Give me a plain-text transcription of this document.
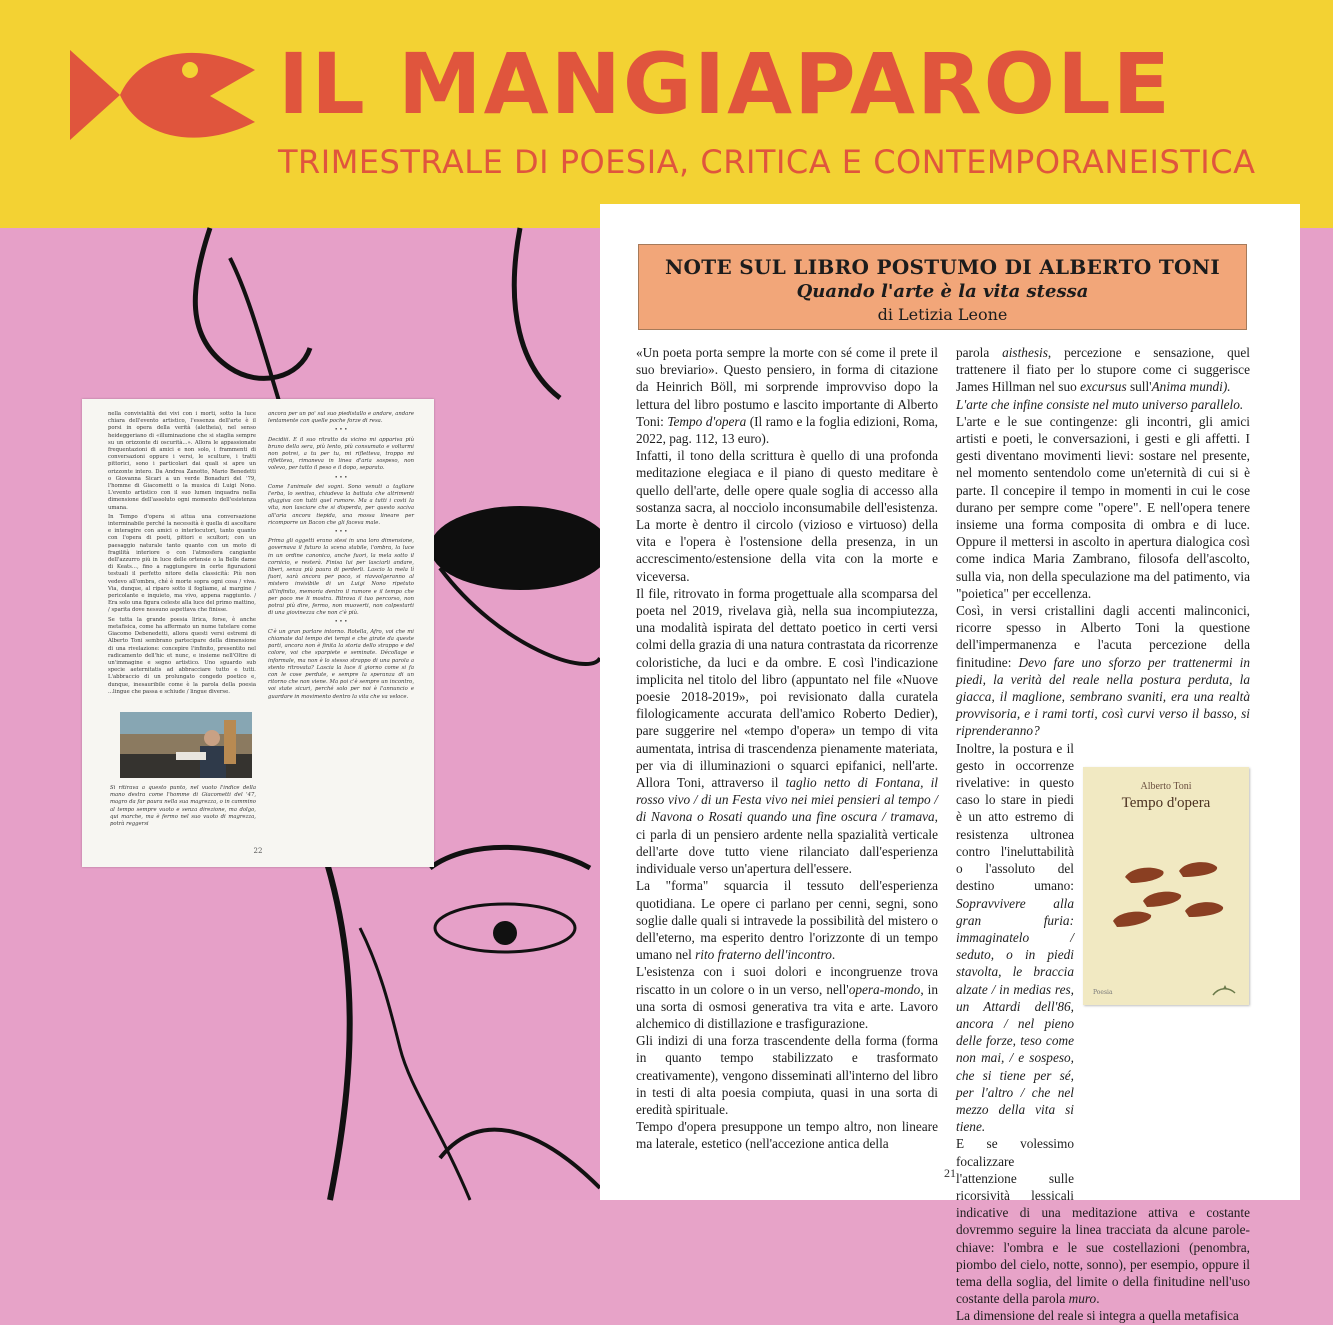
IL MANGIAPAROLE
TRIMESTRALE DI POESIA, CRITICA E CONTEMPORANEISTICA

nella convivialità dei vivi con i morti, sotto la luce chiara dell'evento artistico, l'essenza dell'arte è il porsi in opera della verità (aletheia), nel senso heideggeriano di «illuminazione che si staglia sempre su un orizzonte di oscurità...». Allora le appassionate frequentazioni di amici e non solo, i frammenti di conversazioni oppure i versi, le sculture, i tratti pittorici, sono i particolari dai quali si apre un orizzonte intero. Da Andrea Zanotto, Mario Benedetti o Giovanna Sicari a un verde Bonaduri del '79, l'homme di Giacometti o la musica di Luigi Nono. L'evento artistico con il suo lumen inquadra nella dimensione dell'assoluto ogni momento dell'esistenza umana.

In Tempo d'opera si attua una conversazione interminabile perché la necessità è quella di ascoltare e interagire con amici o interlocutori, tanto quanto con l'opera di poeti, pittori e scultori; con un paesaggio naturale tanto quanto con un moto di fragilità interiore o con l'atmosfera cangiante dell'azzurro più in luce delle ortensie o la Belle dame di Keats..., fino a raggiungere in certe figurazioni testuali il perfetto nitore della classicità: Più non vedevo all'ombra, ché è morte sopra ogni cosa / viva. Via, dunque, al riparo sotto il fogliame, al margine / pericolante e inquieto, ma vivo, appena raggiunto. / Era solo una figura celeste alla luce del primo mattino, / sparita dove nessuno aspettava che finisse.

Se tutta la grande poesia lirica, forse, è anche metafisica, come ha affermato un nume tutelare come Giacomo Debenedetti, allora questi versi estremi di Alberto Toni sembrano partecipare della dimensione di una rivelazione: concepire l'infinito, presentito nel radicamento dell'hic et nunc, e insieme nell'Oltre di un'immagine e segno artistico. Uno sguardo sub specie aeternitatis ad abbracciare tutto e tutti. L'abbraccio di un prolungato congedo poetico e, dunque, inesauribile come è la parola della poesia ...lingue che passa e schiude / lingue diverse.

ancora per un po' sul suo piedistallo e andare, andare lentamente con quelle poche forze di resa.

• • •

Decidiii. E il suo ritratto da vicino mi appariva più bruno della sera, più lento, più consumato e voltarmi non potrei, a tu per tu, mi rifletteva, troppo mi rifletteva, rimaneva in linea d'aria sospeso, non volevo, per tutto il peso e il dopo, separato.

• • •

Come l'animale dei sogni. Sono venuti a tagliare l'erba, lo sentiva, chiudeva la battuta che altrimenti sfuggiva con tutti quel rumore. Ma a tutti i costi la vita, non lasciare che si disperda, per questo saciva all'aria ancora tiepida, una mossa lineare per ricomporre un Bacon che gli faceva male.

• • •

Prima gli oggetti erano stesi in una loro dimensione, governava il futuro la scena stabile, l'ombra, la luce in un ordine canonico, anche fuori, la mela sotto il cornicio, e resterà. Finisa lui per lasciarli andare, liberi, senza più paura di perderli. Lascio la mela lì fuori, sarà ancora per poco, si riavvolgeranno al mistero invisibile di un Luigi Nono ripetuto all'infinito, memoria dentro il rumore e il tempo che per poco me li mostra. Ritrova il tuo percorso, non potrai più dire, fermo, non muoverti, non colpestarti di una giovinezza che non c'è più.

• • •

C'è un gran parlare intorno. Rotella, Afro, voi che mi chiamate dal tempo dei tempi e che girate da queste parti, ancora non è finita la storia dello strappo e del colore, voi che sparpiete e seminate. Décollage e informale, ma non è lo stesso strappo di una parola a stento ritrovata? Lascia la luce il giorno come si fa con le cose perdute, e sempre la speranza di un ritorno che non viene. Ma poi c'è sempre un incontro, voi state sicuri, perché solo per noi è l'annuncio e guardare in movimento dentro la vita che va veloce.

Si ritirava a questo punto, nel vuoto l'indice della mano destra come l'homme di Giacometti del '47, magro da far paura nella sua magrezza, o in cammino al tempo sempre vuoto e senza direzione, ma dolgo, qui marche, ma è fermo nel suo vuoto di magrezza, potrà reggersi
22
NOTE SUL LIBRO POSTUMO DI ALBERTO TONI
Quando l'arte è la vita stessa
di Letizia Leone

«Un poeta porta sempre la morte con sé come il prete il suo breviario». Questo pensiero, in forma di citazione da Heinrich Böll, mi sorprende improvviso dopo la lettura del libro postumo e lascito importante di Alberto Toni: Tempo d'opera (Il ramo e la foglia edizioni, Roma, 2022, pag. 112, 13 euro).

Infatti, il tono della scrittura è quello di una profonda meditazione elegiaca e il piano di questo meditare è quello dell'arte, delle opere quale soglia di accesso alla sostanza sacra, al nocciolo inconsumabile dell'esistenza. La morte è dentro il circolo (vizioso e virtuoso) della vita e l'opera è l'ostensione della presenza, in un accrescimento/estensione della vita con la morte e viceversa.

Il file, ritrovato in forma progettuale alla scomparsa del poeta nel 2019, rivelava già, nella sua incompiutezza, una modalità ispirata del dettato poetico in certi versi colmi della grazia di una natura contrastata da ricorrenze coloristiche, da luci e da ombre. E così l'indicazione implicita nel titolo del libro (appuntato nel file «Nuove poesie 2018-2019», poi revisionato dalla curatela filologicamente accurata dell'amico Roberto Dedier), pare suggerire nel «tempo d'opera» un tempo di vita aumentata, intrisa di trascendenza pienamente materiata, per via di illuminazioni o squarci epifanici, nell'arte. Allora Toni, attraverso il taglio netto di Fontana, il rosso vivo / di un Festa vivo nei miei pensieri al tempo / di Navona o Rosati quando una fine oscura / tramava, ci parla di un pensiero ardente nella spazialità verticale dell'arte dove tutto viene rilanciato dall'esperienza individuale verso un'apertura dell'essere.

La "forma" squarcia il tessuto dell'esperienza quotidiana. Le opere ci parlano per cenni, segni, sono soglie dalle quali si intravede la possibilità del mistero o dell'eterno, ma esperito dentro l'orizzonte di un tempo umano nel rito fraterno dell'incontro.

L'esistenza con i suoi dolori e incongruenze trova riscatto in un colore o in un verso, nell'opera-mondo, in una sorta di osmosi generativa tra vita e arte. Lavoro alchemico di distillazione e trasfigurazione.

Gli indizi di una forza trascendente della forma (forma in quanto tempo stabilizzato e trasformato creativamente), vengono disseminati all'interno del libro in testi di alta poesia compiuta, quasi in una sorta di eredità spirituale.

Tempo d'opera presuppone un tempo altro, non lineare ma laterale, estetico (nell'accezione antica della

parola aisthesis, percezione e sensazione, quel trattenere il fiato per lo stupore come ci suggerisce James Hillman nel suo excursus sull'Anima mundi).

L'arte che infine consiste nel muto universo parallelo.

L'arte e le sue contingenze: gli incontri, gli amici artisti e poeti, le conversazioni, i gesti e gli affetti. I gesti diventano movimenti lievi: sostare nel presente, nel momento sentendolo come un'eternità di cui si è parte. Il concepire il tempo in momenti in cui le cose durano per sempre come "opere". E nell'opera tenere insieme una forma composita di ombra e di luce. Oppure il mettersi in ascolto in apertura dialogica così come indica Maria Zambrano, filosofa dell'ascolto, sulla via, non della speculazione ma del patimento, via "poietica" per eccellenza.

Così, in versi cristallini dagli accenti malinconici, ricorre spesso in Alberto Toni la questione dell'impermanenza e l'acuta percezione della finitudine: Devo fare uno sforzo per trattenermi in piedi, la verità del reale nella postura perduta, la giacca, il maglione, sembrano svaniti, era una realtà provvisoria, e i rami torti, così curvi verso il basso, si riprenderanno?

Inoltre, la postura e il gesto in occorrenze rivelative: in questo caso lo stare in piedi è un atto estremo di resistenza ultronea contro l'ineluttabilità o l'assoluto del destino umano: Sopravvivere alla gran furia: immaginatelo / seduto, o in piedi stavolta, le braccia alzate / in medias res, un Attardi dell'86, ancora / nel pieno delle forze, teso come non mai, / e sospeso, che si tiene per sé, per l'altro / che nel mezzo della vita si tiene.

E se volessimo focalizzare l'attenzione sulle ricorsività lessicali indicative di una meditazione attiva e costante dovremmo seguire la linea tracciata da alcune parole-chiave: l'ombra e le sue costellazioni (penombra, piombo del cielo, notte, sonno), per esempio, oppure il tema della soglia, del limite o della finitudine nell'uso costante della parola muro.

La dimensione del reale si integra a quella metafisica

Alberto Toni
Tempo d'opera
Poesia
21
